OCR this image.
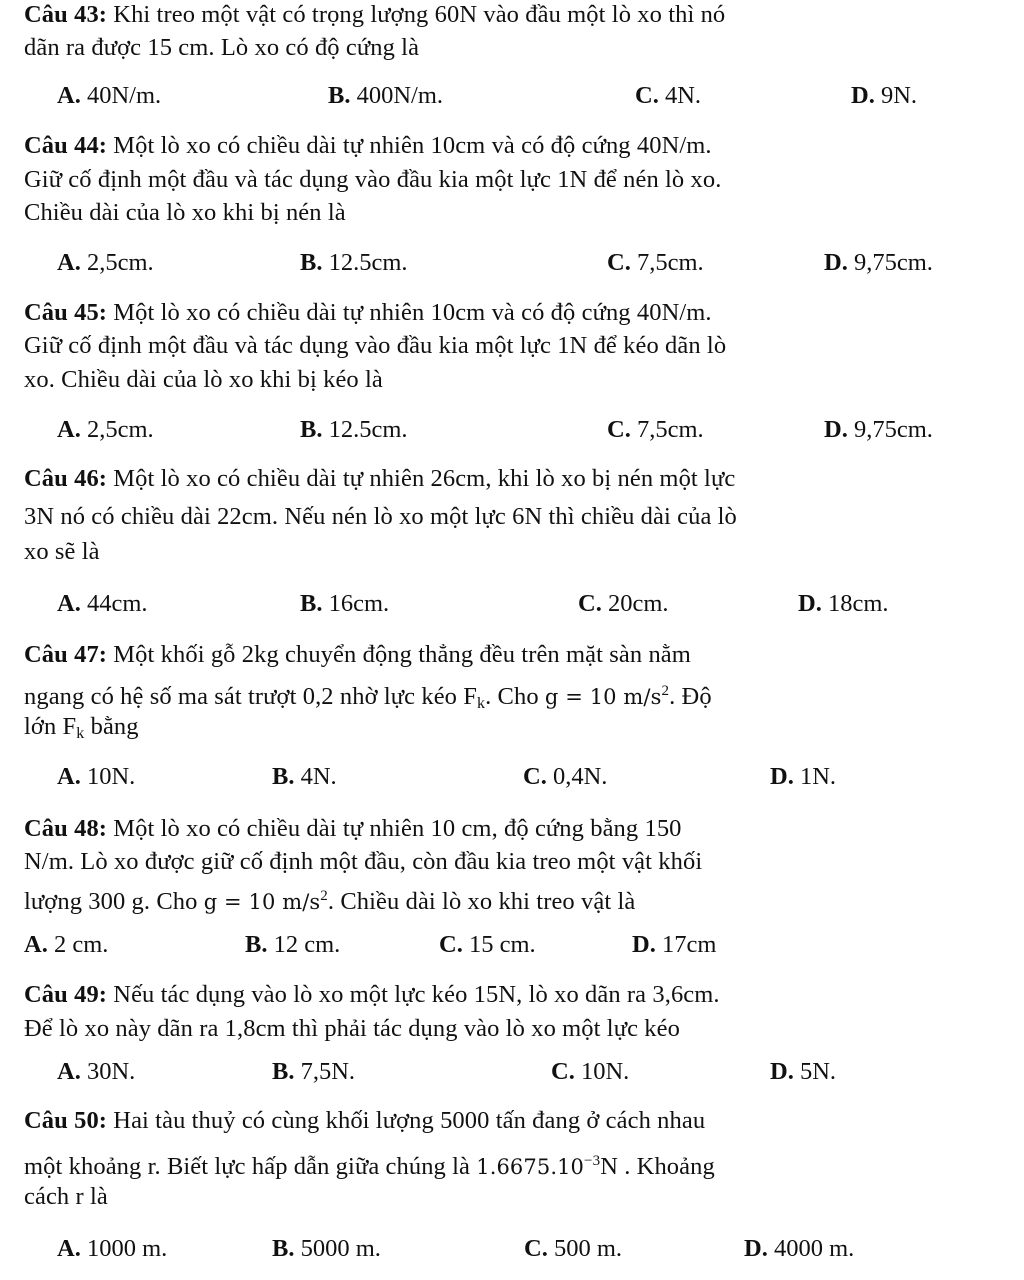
Câu 43: Khi treo một vật có trọng lượng 60N vào đầu một lò xo thì nó
dãn ra được 15 cm. Lò xo có độ cứng là
A. 40N/m.	B. 400N/m.	C. 4N.	D. 9N.
Câu 44: Một lò xo có chiều dài tự nhiên 10cm và có độ cứng 40N/m.
Giữ cố định một đầu và tác dụng vào đầu kia một lực 1N để nén lò xo.
Chiều dài của lò xo khi bị nén là
A. 2,5cm.	B. 12.5cm.	C. 7,5cm.	D. 9,75cm.
Câu 45: Một lò xo có chiều dài tự nhiên 10cm và có độ cứng 40N/m.
Giữ cố định một đầu và tác dụng vào đầu kia một lực 1N để kéo dãn lò
xo. Chiều dài của lò xo khi bị kéo là
A. 2,5cm.	B. 12.5cm.	C. 7,5cm.	D. 9,75cm.
Câu 46: Một lò xo có chiều dài tự nhiên 26cm, khi lò xo bị nén một lực
3N nó có chiều dài 22cm. Nếu nén lò xo một lực 6N thì chiều dài của lò
xo sẽ là
A. 44cm.	B. 16cm.	C. 20cm.	D. 18cm.
Câu 47: Một khối gỗ 2kg chuyển động thẳng đều trên mặt sàn nằm
ngang có hệ số ma sát trượt 0,2 nhờ lực kéo $F_k$. Cho g = 10 $m/s^2$. Độ
lớn $F_k$ bằng
A. 10N.	B. 4N.	C. 0,4N.	D. 1N.
Câu 48: Một lò xo có chiều dài tự nhiên 10 cm, độ cứng bằng 150
N/m. Lò xo được giữ cố định một đầu, còn đầu kia treo một vật khối
lượng 300 g. Cho g = 10 $m/s^2$. Chiều dài lò xo khi treo vật là
A. 2 cm.	B. 12 cm.	C. 15 cm.	D. 17cm
Câu 49: Nếu tác dụng vào lò xo một lực kéo 15N, lò xo dãn ra 3,6cm.
Để lò xo này dãn ra 1,8cm thì phải tác dụng vào lò xo một lực kéo
A. 30N.	B. 7,5N.	C. 10N.	D. 5N.
Câu 50: Hai tàu thuỷ có cùng khối lượng 5000 tấn đang ở cách nhau
một khoảng r. Biết lực hấp dẫn giữa chúng là $1.6675.10^{-3}N$ . Khoảng
cách r là
A. 1000 m.	B. 5000 m.	C. 500 m.	D. 4000 m.
